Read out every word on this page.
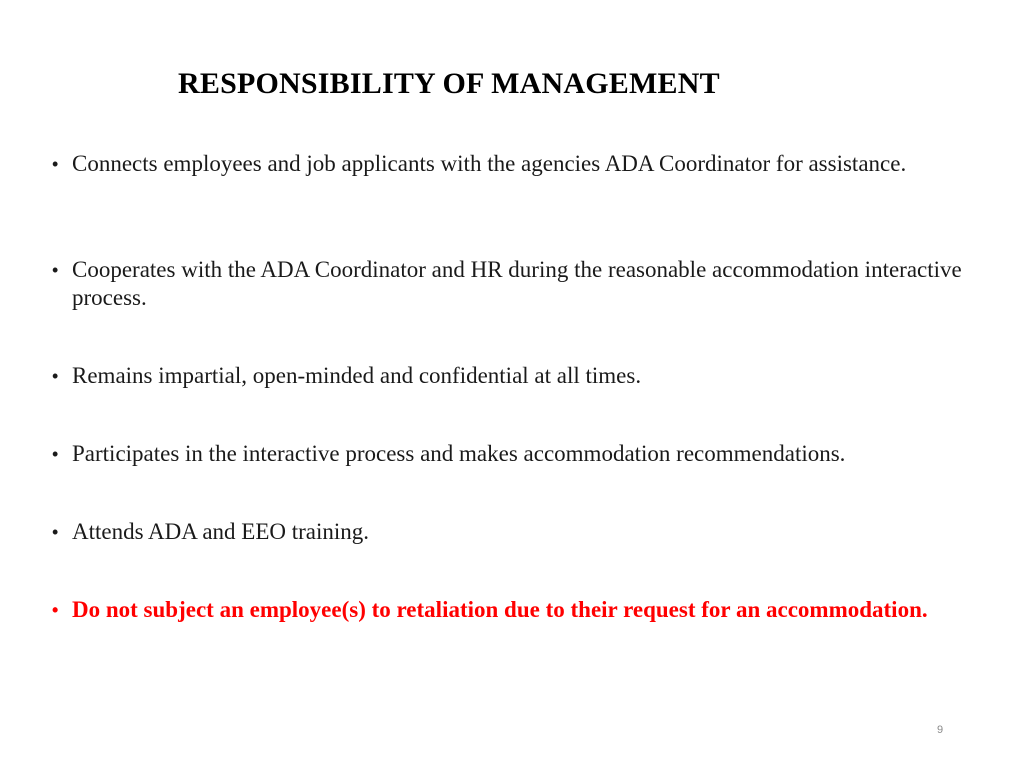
RESPONSIBILITY OF MANAGEMENT
• Connects employees and job applicants with the agencies ADA Coordinator for assistance.
• Cooperates with the ADA Coordinator and HR during the reasonable accommodation interactive process.
• Remains impartial, open-minded and confidential at all times.
• Participates in the interactive process and makes accommodation recommendations.
• Attends ADA and EEO training.
• Do not subject an employee(s) to retaliation due to their request for an accommodation.
9
